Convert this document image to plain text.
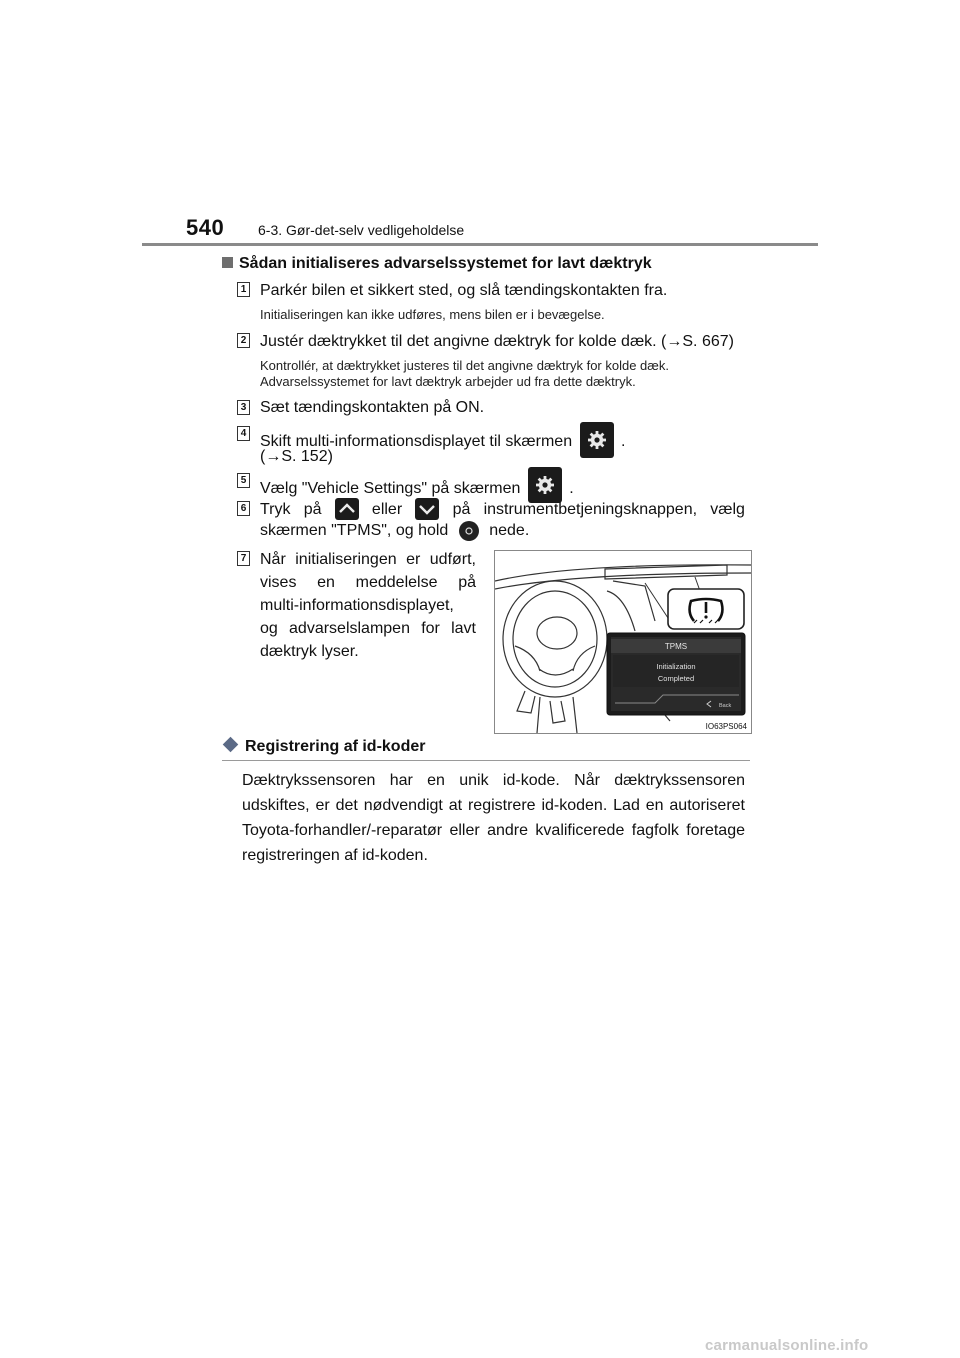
540 6-3. Gør-det-selv vedligeholdelse
Sådan initialiseres advarselssystemet for lavt dæktryk
1 Parkér bilen et sikkert sted, og slå tændingskontakten fra.
Initialiseringen kan ikke udføres, mens bilen er i bevægelse.
2 Justér dæktrykket til det angivne dæktryk for kolde dæk. (→S. 667)
Kontrollér, at dæktrykket justeres til det angivne dæktryk for kolde dæk.
Advarselssystemet for lavt dæktryk arbejder ud fra dette dæktryk.
3 Sæt tændingskontakten på ON.
4
Skift multi-informationsdisplayet til skærmen	.
(→S. 152)
5
Vælg "Vehicle Settings" på skærmen	.
6 Tryk på	eller	på instrumentbetjeningsknappen, vælg
skærmen "TPMS", og hold	nede.
7 Når initialiseringen er udført,
vises en meddelelse på
multi-informationsdisplayet,
og advarselslampen for lavt
dæktryk lyser.	TPMS
Initialization
Completed
Back
IO63PS064
Registrering af id-koder
Dæktrykssensoren har en unik id-kode. Når dæktrykssensoren
udskiftes, er det nødvendigt at registrere id-koden. Lad en autoriseret
Toyota-forhandler/-reparatør eller andre kvalificerede fagfolk foretage
registreringen af id-koden.
carmanualsonline.info
